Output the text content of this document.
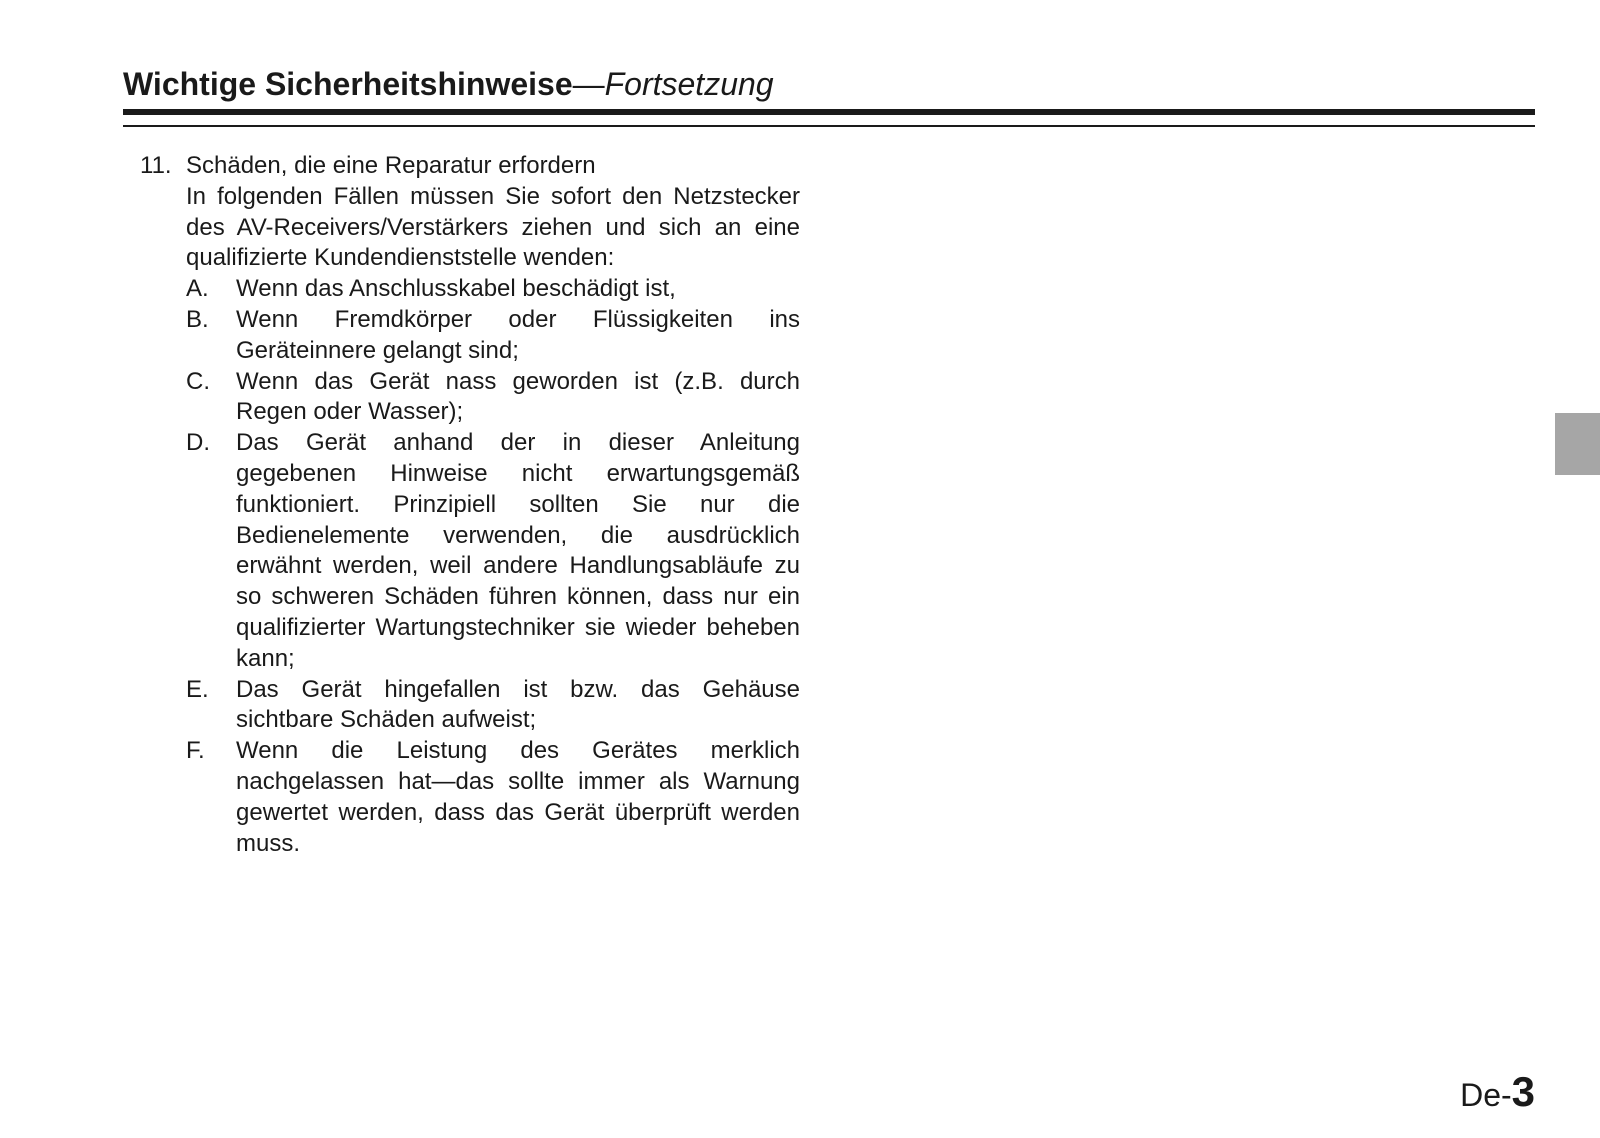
Wichtige Sicherheitshinweise—Fortsetzung
11. Schäden, die eine Reparatur erfordern
In folgenden Fällen müssen Sie sofort den Netzstecker des AV-Receivers/Verstärkers ziehen und sich an eine qualifizierte Kundendienststelle wenden:
A.	Wenn das Anschlusskabel beschädigt ist,
B.	Wenn Fremdkörper oder Flüssigkeiten ins Geräteinnere gelangt sind;
C.	Wenn das Gerät nass geworden ist (z.B. durch Regen oder Wasser);
D.	Das Gerät anhand der in dieser Anleitung gegebenen Hinweise nicht erwartungsgemäß funktioniert. Prinzipiell sollten Sie nur die Bedienelemente verwenden, die ausdrücklich erwähnt werden, weil andere Handlungsabläufe zu so schweren Schäden führen können, dass nur ein qualifizierter Wartungstechniker sie wieder beheben kann;
E.	Das Gerät hingefallen ist bzw. das Gehäuse sichtbare Schäden aufweist;
F.	Wenn die Leistung des Gerätes merklich nachgelassen hat—das sollte immer als Warnung gewertet werden, dass das Gerät überprüft werden muss.
De-3
